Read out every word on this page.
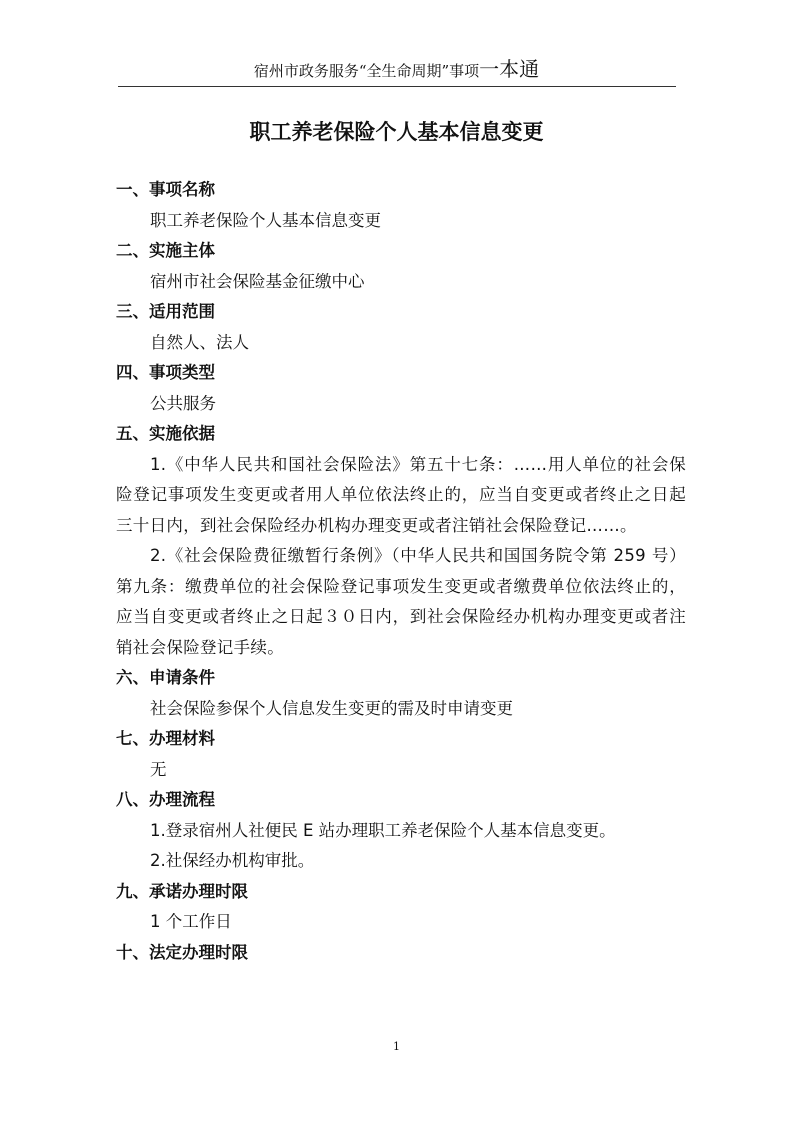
宿州市政务服务“全生命周期”事项一本通
职工养老保险个人基本信息变更
一、事项名称
职工养老保险个人基本信息变更
二、实施主体
宿州市社会保险基金征缴中心
三、适用范围
自然人、法人
四、事项类型
公共服务
五、实施依据

1.《中华人民共和国社会保险法》第五十七条：……用人单位的社会保险登记事项发生变更或者用人单位依法终止的，应当自变更或者终止之日起三十日内，到社会保险经办机构办理变更或者注销社会保险登记……。

2.《社会保险费征缴暂行条例》（中华人民共和国国务院令第 259 号）第九条：缴费单位的社会保险登记事项发生变更或者缴费单位依法终止的，应当自变更或者终止之日起３０日内，到社会保险经办机构办理变更或者注销社会保险登记手续。

六、申请条件
社会保险参保个人信息发生变更的需及时申请变更
七、办理材料
无
八、办理流程
1.登录宿州人社便民 E 站办理职工养老保险个人基本信息变更。
2.社保经办机构审批。
九、承诺办理时限
1 个工作日
十、法定办理时限
1
